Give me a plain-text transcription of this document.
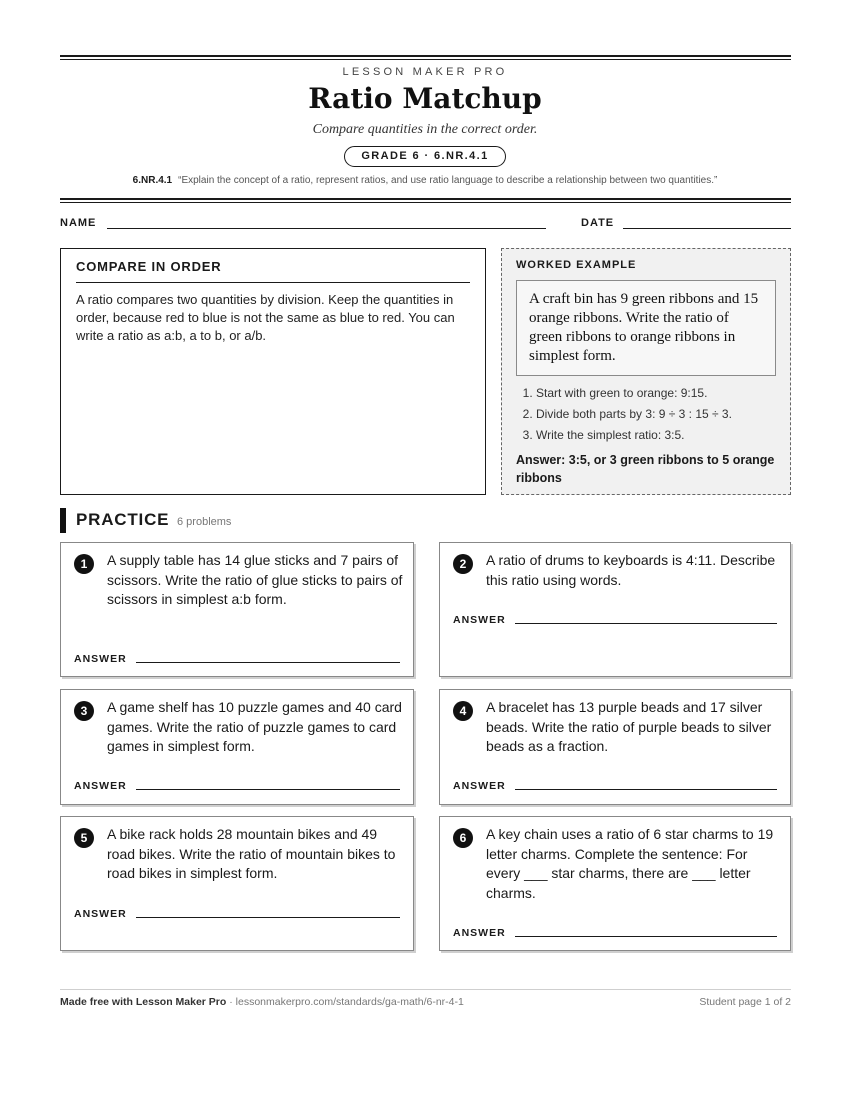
LESSON MAKER PRO
Ratio Matchup
Compare quantities in the correct order.
GRADE 6 · 6.NR.4.1
6.NR.4.1 “Explain the concept of a ratio, represent ratios, and use ratio language to describe a relationship between two quantities.”
NAME	DATE
COMPARE IN ORDER

A ratio compares two quantities by division. Keep the quantities in order, because red to blue is not the same as blue to red. You can write a ratio as a:b, a to b, or a/b.

WORKED EXAMPLE
A craft bin has 9 green ribbons and 15 orange ribbons. Write the ratio of green ribbons to orange ribbons in simplest form.
1. Start with green to orange: 9:15.
2. Divide both parts by 3: 9 ÷ 3 : 15 ÷ 3.
3. Write the simplest ratio: 3:5.
Answer: 3:5, or 3 green ribbons to 5 orange ribbons
PRACTICE 6 problems
1	A supply table has 14 glue sticks and 7 pairs of scissors. Write the ratio of glue sticks to pairs of scissors in simplest a:b form.
ANSWER
2	A ratio of drums to keyboards is 4:11. Describe this ratio using words.
ANSWER
3	A game shelf has 10 puzzle games and 40 card games. Write the ratio of puzzle games to card games in simplest form.
ANSWER
4	A bracelet has 13 purple beads and 17 silver beads. Write the ratio of purple beads to silver beads as a fraction.
ANSWER
5	A bike rack holds 28 mountain bikes and 49 road bikes. Write the ratio of mountain bikes to road bikes in simplest form.
ANSWER
6	A key chain uses a ratio of 6 star charms to 19 letter charms. Complete the sentence: For every ___ star charms, there are ___ letter charms.
ANSWER
Made free with Lesson Maker Pro · lessonmakerpro.com/standards/ga-math/6-nr-4-1	Student page 1 of 2
